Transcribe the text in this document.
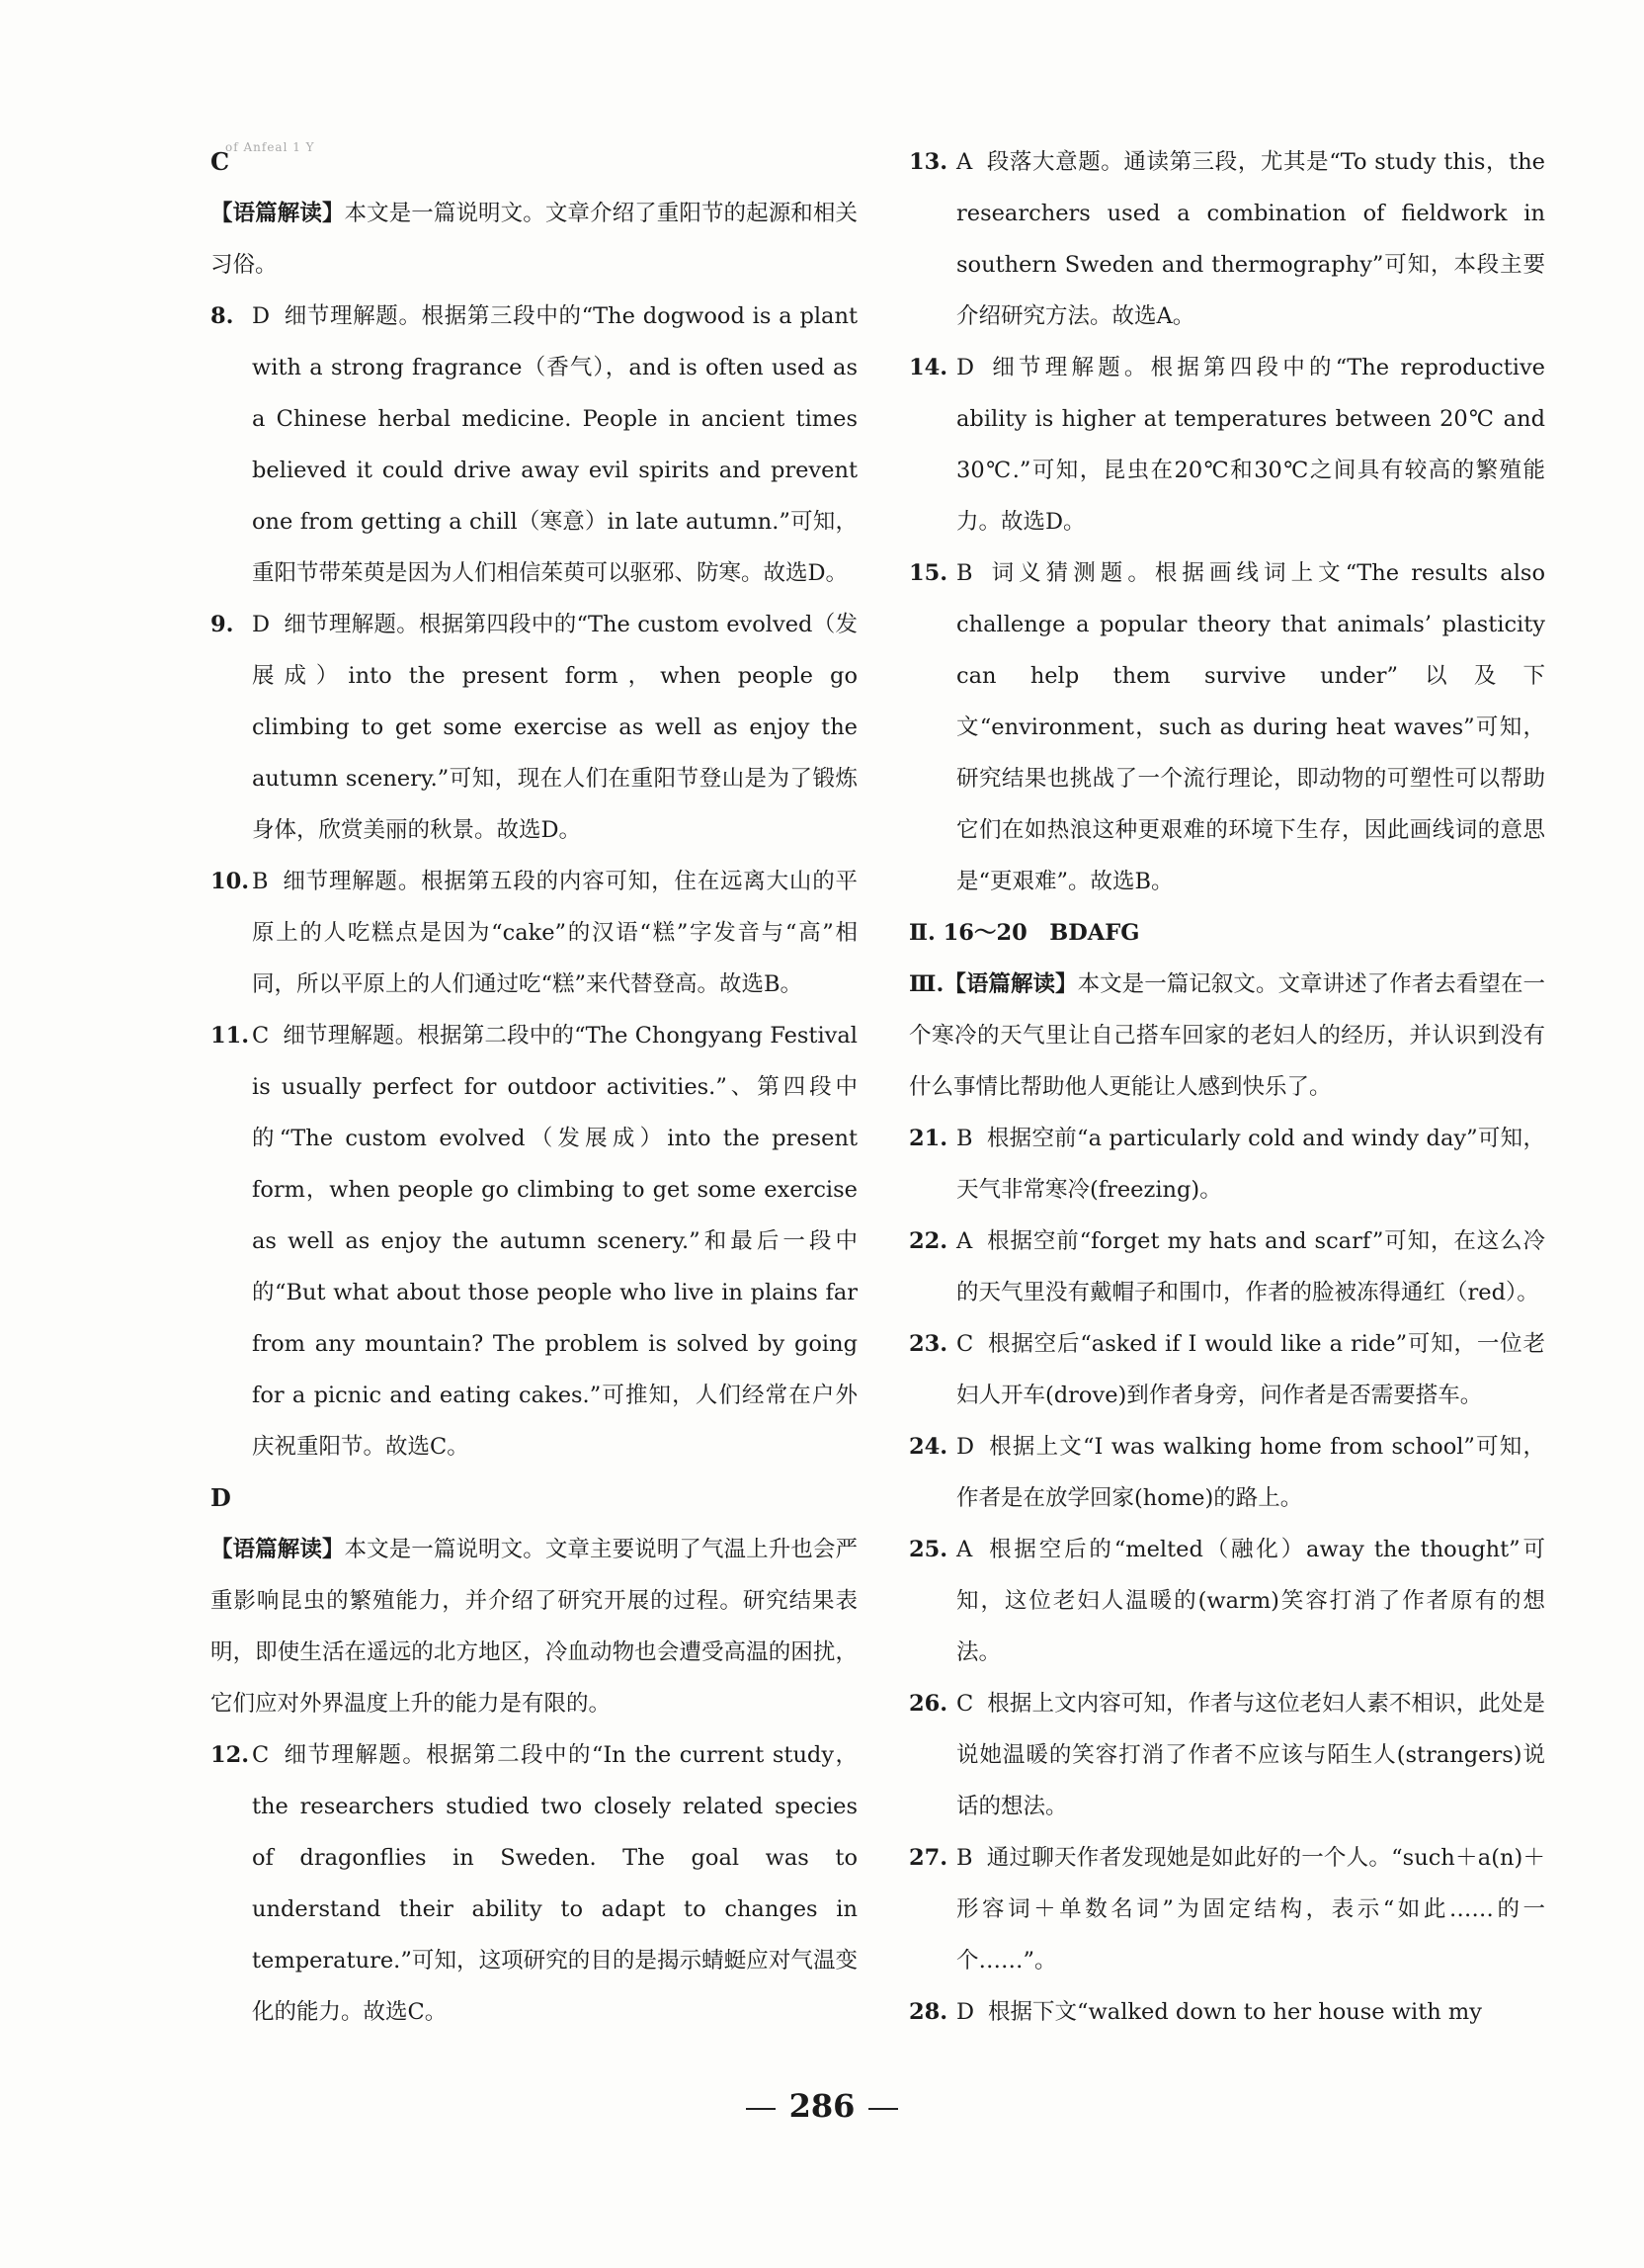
of Anfeal 1 Y

C

【语篇解读】本文是一篇说明文。文章介绍了重阳节的起源和相关习俗。

8. D 细节理解题。根据第三段中的“The dogwood is a plant with a strong fragrance（香气），and is often used as a Chinese herbal medicine. People in ancient times believed it could drive away evil spirits and prevent one from getting a chill（寒意）in late autumn.”可知，重阳节带茱萸是因为人们相信茱萸可以驱邪、防寒。故选D。

9. D 细节理解题。根据第四段中的“The custom evolved（发展成）into the present form，when people go climbing to get some exercise as well as enjoy the autumn scenery.”可知，现在人们在重阳节登山是为了锻炼身体，欣赏美丽的秋景。故选D。

10. B 细节理解题。根据第五段的内容可知，住在远离大山的平原上的人吃糕点是因为“cake”的汉语“糕”字发音与“高”相同，所以平原上的人们通过吃“糕”来代替登高。故选B。

11. C 细节理解题。根据第二段中的“The Chongyang Festival is usually perfect for outdoor activities.”、第四段中的“The custom evolved（发展成）into the present form，when people go climbing to get some exercise as well as enjoy the autumn scenery.”和最后一段中的“But what about those people who live in plains far from any mountain? The problem is solved by going for a picnic and eating cakes.”可推知，人们经常在户外庆祝重阳节。故选C。

D

【语篇解读】本文是一篇说明文。文章主要说明了气温上升也会严重影响昆虫的繁殖能力，并介绍了研究开展的过程。研究结果表明，即使生活在遥远的北方地区，冷血动物也会遭受高温的困扰，它们应对外界温度上升的能力是有限的。

12. C 细节理解题。根据第二段中的“In the current study，the researchers studied two closely related species of dragonflies in Sweden. The goal was to understand their ability to adapt to changes in temperature.”可知，这项研究的目的是揭示蜻蜓应对气温变化的能力。故选C。

13. A 段落大意题。通读第三段，尤其是“To study this，the researchers used a combination of fieldwork in southern Sweden and thermography”可知，本段主要介绍研究方法。故选A。

14. D 细节理解题。根据第四段中的“The reproductive ability is higher at temperatures between 20℃ and 30℃.”可知，昆虫在20℃和30℃之间具有较高的繁殖能力。故选D。

15. B 词义猜测题。根据画线词上文“The results also challenge a popular theory that animals’ plasticity can help them survive under”以及下文“environment，such as during heat waves”可知，研究结果也挑战了一个流行理论，即动物的可塑性可以帮助它们在如热浪这种更艰难的环境下生存，因此画线词的意思是“更艰难”。故选B。

Ⅱ. 16～20　BDAFG

Ⅲ.【语篇解读】本文是一篇记叙文。文章讲述了作者去看望在一个寒冷的天气里让自己搭车回家的老妇人的经历，并认识到没有什么事情比帮助他人更能让人感到快乐了。

21. B 根据空前“a particularly cold and windy day”可知，天气非常寒冷(freezing)。

22. A 根据空前“forget my hats and scarf”可知，在这么冷的天气里没有戴帽子和围巾，作者的脸被冻得通红（red）。

23. C 根据空后“asked if I would like a ride”可知，一位老妇人开车(drove)到作者身旁，问作者是否需要搭车。

24. D 根据上文“I was walking home from school”可知，作者是在放学回家(home)的路上。

25. A 根据空后的“melted（融化）away the thought”可知，这位老妇人温暖的(warm)笑容打消了作者原有的想法。

26. C 根据上文内容可知，作者与这位老妇人素不相识，此处是说她温暖的笑容打消了作者不应该与陌生人(strangers)说话的想法。

27. B 通过聊天作者发现她是如此好的一个人。“such＋a(n)＋形容词＋单数名词”为固定结构，表示“如此……的一个……”。

28. D 根据下文“walked down to her house with my

286
